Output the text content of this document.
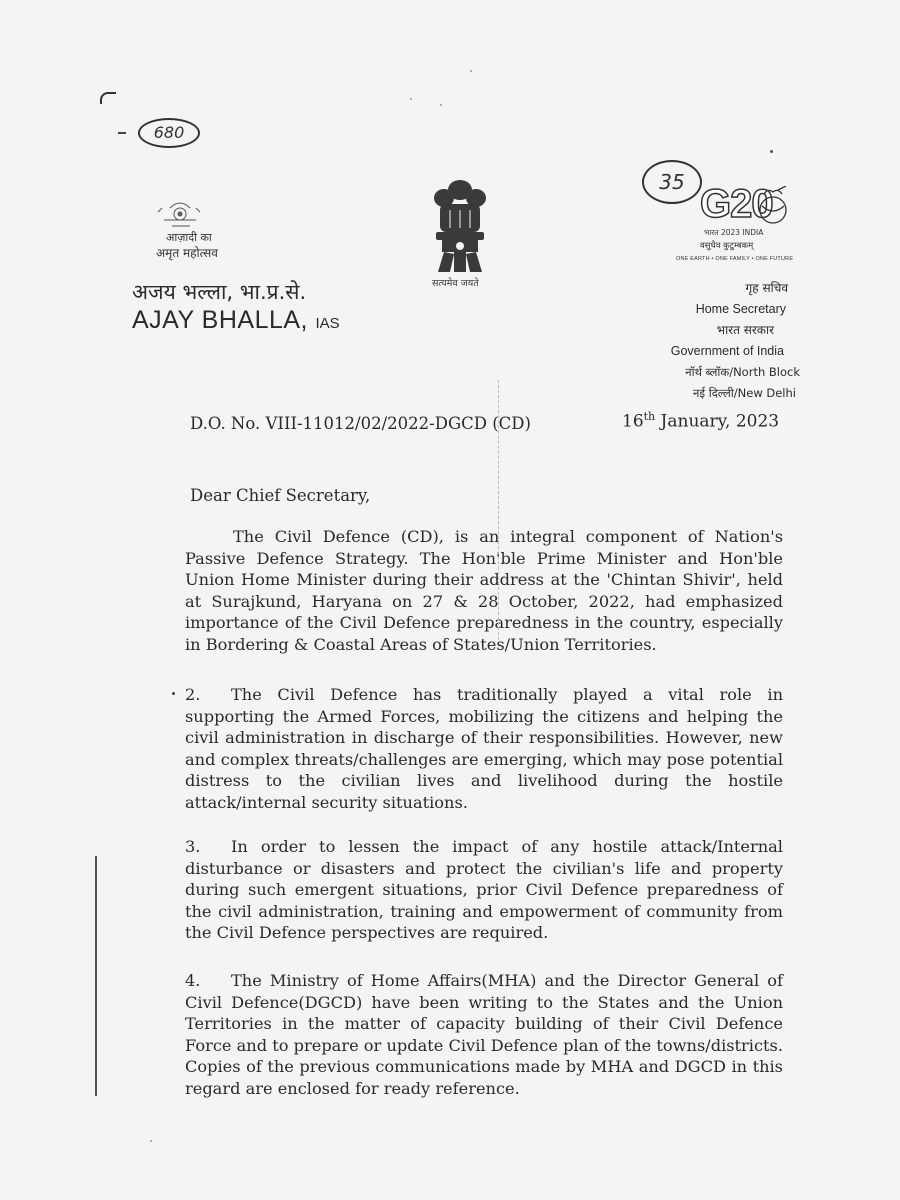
680
35
आज़ादी का
अमृत महोत्सव
सत्यमेव जयते
G20
भारत 2023 INDIA
वसुधैव कुटुम्बकम्
ONE EARTH • ONE FAMILY • ONE FUTURE
अजय भल्ला, भा.प्र.से.
AJAY BHALLA, IAS
गृह सचिव
Home Secretary
भारत सरकार
Government of India
नॉर्थ ब्लॉक/North Block
नई दिल्ली/New Delhi
D.O. No. VIII-11012/02/2022-DGCD (CD)	16th January, 2023
Dear Chief Secretary,
The Civil Defence (CD), is an integral component of Nation's Passive Defence Strategy. The Hon'ble Prime Minister and Hon'ble Union Home Minister during their address at the 'Chintan Shivir', held at Surajkund, Haryana on 27 & 28 October, 2022, had emphasized importance of the Civil Defence preparedness in the country, especially in Bordering & Coastal Areas of States/Union Territories.
2. The Civil Defence has traditionally played a vital role in supporting the Armed Forces, mobilizing the citizens and helping the civil administration in discharge of their responsibilities. However, new and complex threats/challenges are emerging, which may pose potential distress to the civilian lives and livelihood during the hostile attack/internal security situations.
3. In order to lessen the impact of any hostile attack/Internal disturbance or disasters and protect the civilian's life and property during such emergent situations, prior Civil Defence preparedness of the civil administration, training and empowerment of community from the Civil Defence perspectives are required.
4. The Ministry of Home Affairs(MHA) and the Director General of Civil Defence(DGCD) have been writing to the States and the Union Territories in the matter of capacity building of their Civil Defence Force and to prepare or update Civil Defence plan of the towns/districts. Copies of the previous communications made by MHA and DGCD in this regard are enclosed for ready reference.
